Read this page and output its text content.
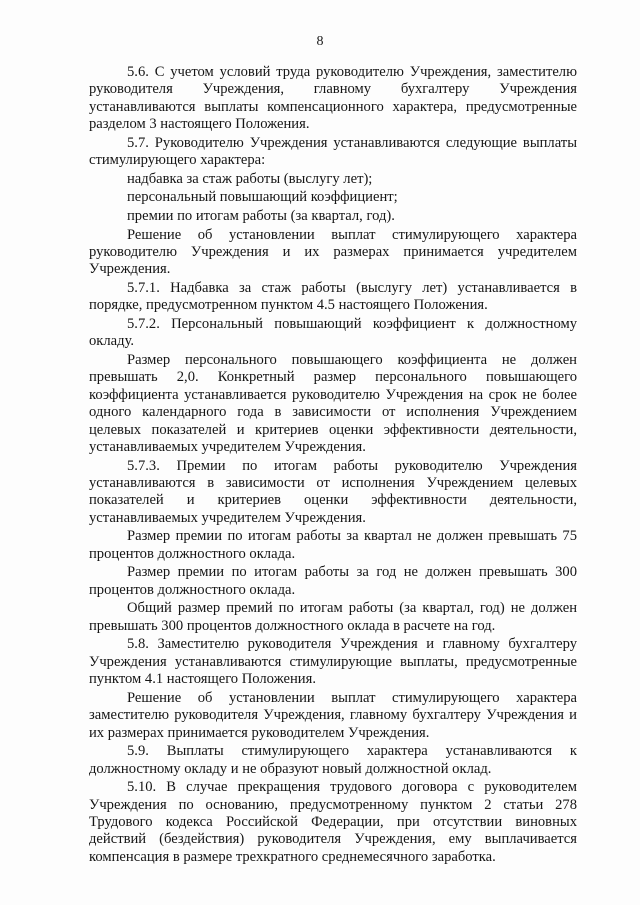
8

5.6. С учетом условий труда руководителю Учреждения, заместителю руководителя Учреждения, главному бухгалтеру Учреждения устанавливаются выплаты компенсационного характера, предусмотренные разделом 3 настоящего Положения.

5.7. Руководителю Учреждения устанавливаются следующие выплаты стимулирующего характера:

надбавка за стаж работы (выслугу лет);

персональный повышающий коэффициент;

премии по итогам работы (за квартал, год).

Решение об установлении выплат стимулирующего характера руководителю Учреждения и их размерах принимается учредителем Учреждения.

5.7.1. Надбавка за стаж работы (выслугу лет) устанавливается в порядке, предусмотренном пунктом 4.5 настоящего Положения.

5.7.2. Персональный повышающий коэффициент к должностному окладу.

Размер персонального повышающего коэффициента не должен превышать 2,0. Конкретный размер персонального повышающего коэффициента устанавливается руководителю Учреждения на срок не более одного календарного года в зависимости от исполнения Учреждением целевых показателей и критериев оценки эффективности деятельности, устанавливаемых учредителем Учреждения.

5.7.3. Премии по итогам работы руководителю Учреждения устанавливаются в зависимости от исполнения Учреждением целевых показателей и критериев оценки эффективности деятельности, устанавливаемых учредителем Учреждения.

Размер премии по итогам работы за квартал не должен превышать 75 процентов должностного оклада.

Размер премии по итогам работы за год не должен превышать 300 процентов должностного оклада.

Общий размер премий по итогам работы (за квартал, год) не должен превышать 300 процентов должностного оклада в расчете на год.

5.8. Заместителю руководителя Учреждения и главному бухгалтеру Учреждения устанавливаются стимулирующие выплаты, предусмотренные пунктом 4.1 настоящего Положения.

Решение об установлении выплат стимулирующего характера заместителю руководителя Учреждения, главному бухгалтеру Учреждения и их размерах принимается руководителем Учреждения.

5.9. Выплаты стимулирующего характера устанавливаются к должностному окладу и не образуют новый должностной оклад.

5.10. В случае прекращения трудового договора с руководителем Учреждения по основанию, предусмотренному пунктом 2 статьи 278 Трудового кодекса Российской Федерации, при отсутствии виновных действий (бездействия) руководителя Учреждения, ему выплачивается компенсация в размере трехкратного среднемесячного заработка.
